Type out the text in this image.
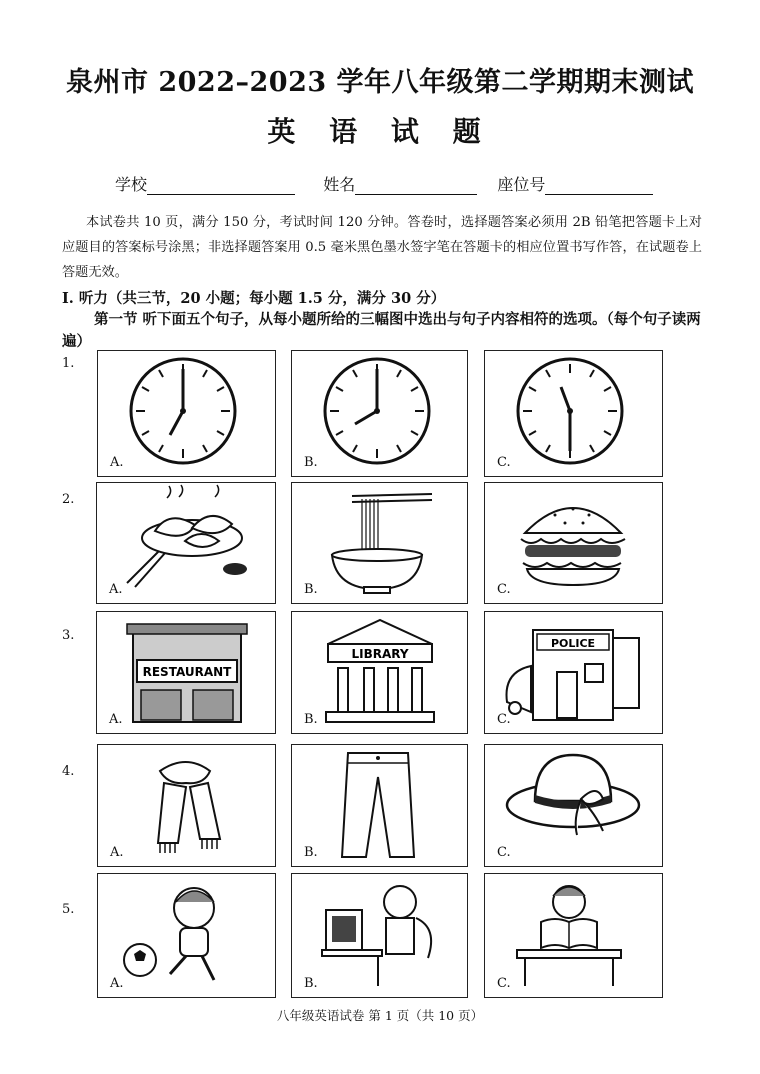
泉州市 2022–2023 学年八年级第二学期期末测试
英 语 试 题
学校	姓名	座位号
本试卷共 10 页，满分 150 分，考试时间 120 分钟。答卷时，选择题答案必须用 2B 铅笔把答题卡上对应题目的答案标号涂黑；非选择题答案用 0.5 毫米黑色墨水签字笔在答题卡的相应位置书写作答，在试题卷上答题无效。
I. 听力（共三节，20 小题；每小题 1.5 分，满分 30 分）
第一节 听下面五个句子，从每小题所给的三幅图中选出与句子内容相符的选项。（每个句子读两遍）
1.
2.
3.
4.
5.
A.	B.	C.
A.	B.	C.
RESTAURANT
A.
LIBRARY
B.
POLICE
C.
A.	B.	C.
A.	B.	C.
八年级英语试卷 第 1 页（共 10 页）
